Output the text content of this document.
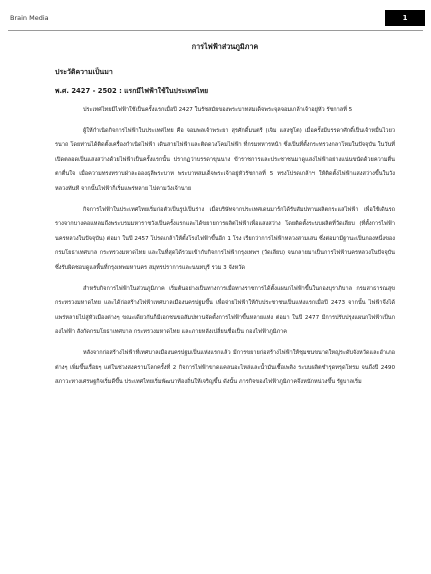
Brain Media	1
การไฟฟ้าส่วนภูมิภาค
ประวัติความเป็นมา
พ.ศ. 2427 - 2502 : แรกมีไฟฟ้าใช้ในประเทศไทย

ประเทศไทยมีไฟฟ้าใช้เป็นครั้งแรกเมื่อปี 2427 ในรัชสมัยของพระบาทสมเด็จพระจุลจอมเกล้าเจ้าอยู่หัว รัชกาลที่ 5

ผู้ให้กำเนิดกิจการไฟฟ้าในประเทศไทย คือ จอมพลเจ้าพระยา สุรศักดิ์มนตรี (เจิม แสงชูโต) เมื่อครั้งมีบรรดาศักดิ์เป็นเจ้าหมื่นไวยวรนาถ โดยท่านได้ติดตั้งเครื่องกำเนิดไฟฟ้า เดินสายไฟฟ้าและติดดวงโคมไฟฟ้า ที่กรมทหารหน้า ซึ่งเป็นที่ตั้งกระทรวงกลาโหมในปัจจุบัน ในวันที่เปิดตลอดเป็นแสงสว่างด้วยไฟฟ้าเป็นครั้งแรกนั้น ปรากฏว่าบรรดาขุนนาง ข้าราชการและประชาชนมาดูแสงไฟฟ้าอย่างแน่นขนัดด้วยความตื่นตาตื่นใจ เมื่อความทรงทราบฝ่าละอองธุลีพระบาท พระบาทสมเด็จพระเจ้าอยู่หัวรัชกาลที่ 5 ทรงโปรดเกล้าฯ ให้ติดตั้งไฟฟ้าแสงสว่างขึ้นในวังหลวงทันที จากนั้นไฟฟ้าก็เริ่มแพร่หลาย ไปตามวังเจ้านาย

กิจการไฟฟ้าในประเทศไทยเริ่มก่อตัวเป็นรูปเป็นร่าง เมื่อบริษัทจากประเทศเดนมาร์กได้รับสัมปทานผลิตกระแสไฟฟ้า เพื่อใช้เดินรถรางจากบางคอแหลมถึงพระบรมมหาราชวังเป็นครั้งแรกและได้ขยายการผลิตไฟฟ้าเพื่อแสงสว่าง โดยติดตั้งระบบผลิตที่วัดเลียบ (ที่ตั้งการไฟฟ้านครหลวงในปัจจุบัน) ต่อมา ในปี 2457 โปรดเกล้าให้ตั้งโรงไฟฟ้าขึ้นอีก 1 โรง เรียกว่าการไฟฟ้าหลวงสามเสน ซึ่งต่อมามีฐานะเป็นกองหนึ่งของกรมโยธาเทศบาล กระทรวงมหาดไทย และในที่สุดได้รวมเข้ากับกิจการไฟฟ้ากรุงเทพฯ (วัดเลียบ) จนกลายมาเป็นการไฟฟ้านครหลวงในปัจจุบัน ซึ่งรับผิดชอบดูแลพื้นที่กรุงเทพมหานคร สมุทรปราการและนนทบุรี รวม 3 จังหวัด

สำหรับกิจการไฟฟ้าในส่วนภูมิภาค เริ่มต้นอย่างเป็นทางการเมื่อทางราชการได้ตั้งแผนกไฟฟ้าขึ้นในกองบุราภิบาล กรมสาธารณสุข กระทรวงมหาดไทย และได้ก่อสร้างไฟฟ้าเทศบาลเมืองนครปฐมขึ้น เพื่อจ่ายไฟฟ้าให้กับประชาชนเป็นแห่งแรกเมื่อปี 2473 จากนั้น ไฟฟ้าจึงได้แพร่หลายไปสู่หัวเมืองต่างๆ ขณะเดียวกันก็มีเอกชนขอสัมปทานจัดตั้งการไฟฟ้าขึ้นหลายแห่ง ต่อมา ในปี 2477 มีการปรับปรุงแผนกไฟฟ้าเป็นกองไฟฟ้า สังกัดกรมโยธาเทศบาล กระทรวงมหาดไทย และภายหลังเปลี่ยนชื่อเป็น กองไฟฟ้าภูมิภาค

หลังจากก่อสร้างไฟฟ้าที่เทศบาลเมืองนครปฐมเป็นแห่งแรกแล้ว มีการขยายก่อสร้างไฟฟ้าให้ชุมชนขนาดใหญ่ระดับจังหวัดและอำเภอต่างๆ เพิ่มขึ้นเรื่อยๆ แต่ในช่วงสงครามโลกครั้งที่ 2 กิจการไฟฟ้าขาดแคลนอะไหล่และน้ำมันเชื้อเพลิง ระบบผลิตชำรุดทรุดโทรม จนถึงปี 2490 สภาวะทางเศรษฐกิจเริ่มดีขึ้น ประเทศไทยเริ่มพัฒนาท้องถิ่นให้เจริญขึ้น ดังนั้น ภารกิจของไฟฟ้าภูมิภาคจึงหนักหน่วงขึ้น รัฐบาลเริ่ม
